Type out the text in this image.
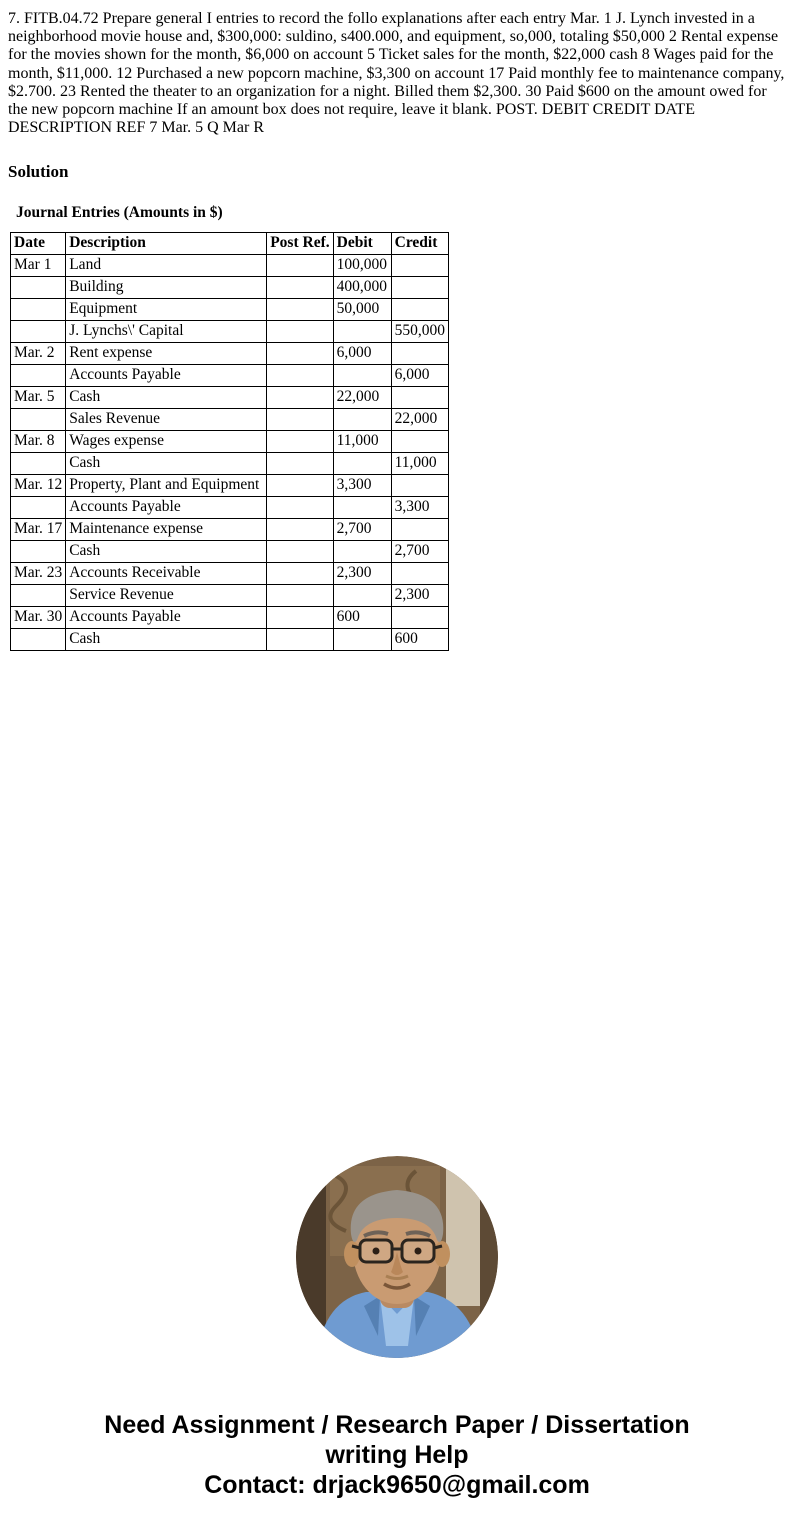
7. FITB.04.72 Prepare general I entries to record the follo explanations after each entry Mar. 1 J. Lynch invested in a neighborhood movie house and, $300,000: suldino, s400.000, and equipment, so,000, totaling $50,000 2 Rental expense for the movies shown for the month, $6,000 on account 5 Ticket sales for the month, $22,000 cash 8 Wages paid for the month, $11,000. 12 Purchased a new popcorn machine, $3,300 on account 17 Paid monthly fee to maintenance company, $2.700. 23 Rented the theater to an organization for a night. Billed them $2,300. 30 Paid $600 on the amount owed for the new popcorn machine If an amount box does not require, leave it blank. POST. DEBIT CREDIT DATE DESCRIPTION REF 7 Mar. 5 Q Mar R

Solution
Journal Entries (Amounts in $)
Date	Description	Post Ref.	Debit	Credit
Mar 1	Land		100,000	
	Building		400,000	
	Equipment		50,000	
	J. Lynchs\' Capital			550,000
Mar. 2	Rent expense		6,000	
	Accounts Payable			6,000
Mar. 5	Cash		22,000	
	Sales Revenue			22,000
Mar. 8	Wages expense		11,000	
	Cash			11,000
Mar. 12	Property, Plant and Equipment		3,300	
	Accounts Payable			3,300
Mar. 17	Maintenance expense		2,700	
	Cash			2,700
Mar. 23	Accounts Receivable		2,300	
	Service Revenue			2,300
Mar. 30	Accounts Payable		600	
	Cash			600
Need Assignment / Research Paper / Dissertation
writing Help
Contact: drjack9650@gmail.com
